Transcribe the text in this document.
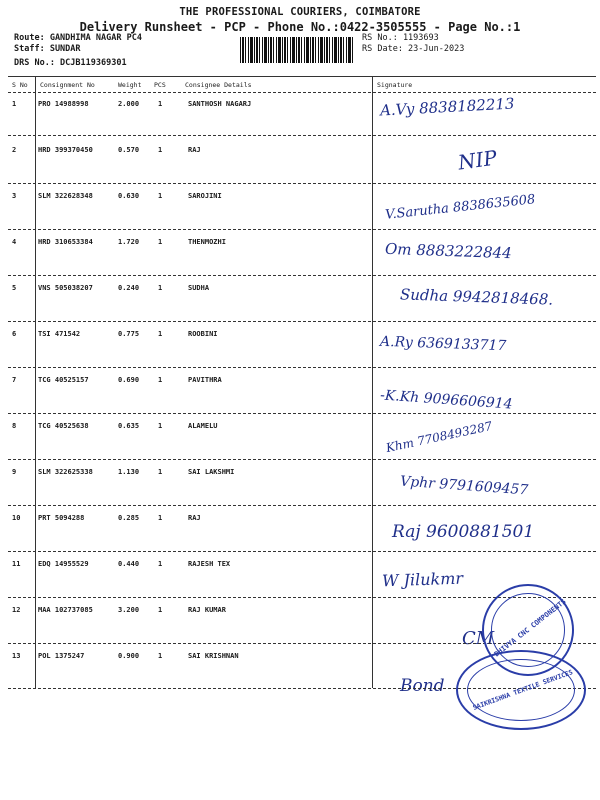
THE PROFESSIONAL COURIERS, COIMBATORE
Delivery Runsheet - PCP - Phone No.:0422-3505555 - Page No.:1
Route: GANDHIMA NAGAR PC4
Staff: SUNDAR
DRS No.: DCJB119369301
RS No.: 1193693
RS Date: 23-Jun-2023
S No Consignment No	Weight PCS	Consignee Details	Signature
1	PRO 14988998	2.000	1	SANTHOSH NAGARJ	A.Vy 8838182213
2	HRD 399370450	0.570	1	RAJ	NIP
3	SLM 322628348	0.630	1	SAROJINI	V.Sarutha 8838635608
4	HRD 310653384	1.720	1	THENMOZHI	Om 8883222844
5	VNS 505038207	0.240	1	SUDHA	Sudha 9942818468.
6	TSI 471542	0.775	1	ROOBINI	A.Ry 6369133717
7	TCG 40525157	0.690	1	PAVITHRA
-K.Kh 9096606914
8	TCG 40525638	0.635	1	ALAMELU	Khm 7708493287
9	SLM 322625338	1.130	1	SAI LAKSHMI
Vphr 9791609457
10	PRT 5094288	0.285	1	RAJ
Raj 9600881501
11	EDQ 14955529	0.440	1	RAJESH TEX
W Jilukmr
12	MAA 102737085	3.200	1	RAJ KUMAR
CM
13	POL 1375247	0.900	1	SAI KRISHNAN
Bond
DHIVYA CNC COMPONENTS
SAIKRISHNA TEXTILE SERVICES
